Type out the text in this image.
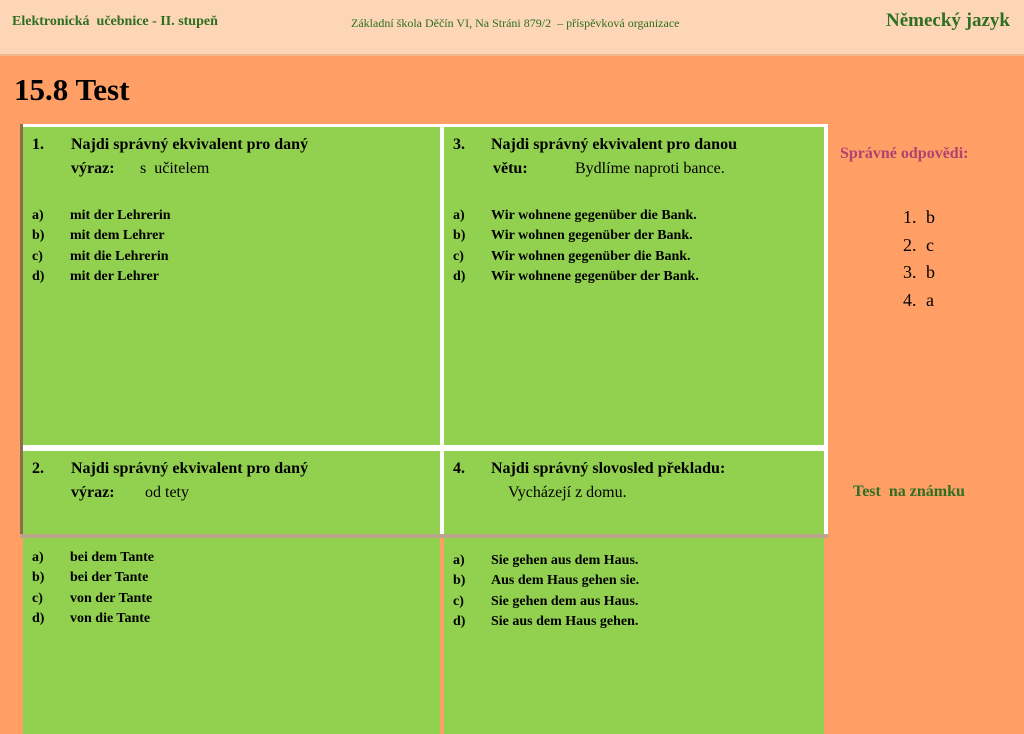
Elektronická  učebnice - II. stupeň	Základní škola Děčín VI, Na Stráni 879/2  – příspěvková organizace	Německý jazyk
15.8 Test
1. Najdi správný ekvivalent pro daný
výraz: s  učitelem
a) mit der Lehrerin
b) mit dem Lehrer
c) mit die Lehrerin
d) mit der Lehrer
3. Najdi správný ekvivalent pro danou
větu:	Bydlíme naproti bance.
a) Wir wohnene gegenüber die Bank.
b) Wir wohnen gegenüber der Bank.
c) Wir wohnen gegenüber die Bank.
d) Wir wohnene gegenüber der Bank.
2. Najdi správný ekvivalent pro daný
výraz: od tety
a) bei dem Tante
b) bei der Tante
c) von der Tante
d) von die Tante
4. Najdi správný slovosled překladu:
Vycházejí z domu.
a) Sie gehen aus dem Haus.
b) Aus dem Haus gehen sie.
c) Sie gehen dem aus Haus.
d) Sie aus dem Haus gehen.
Správné odpovědi:
1. b
2. c
3. b
4. a
Test  na známku
